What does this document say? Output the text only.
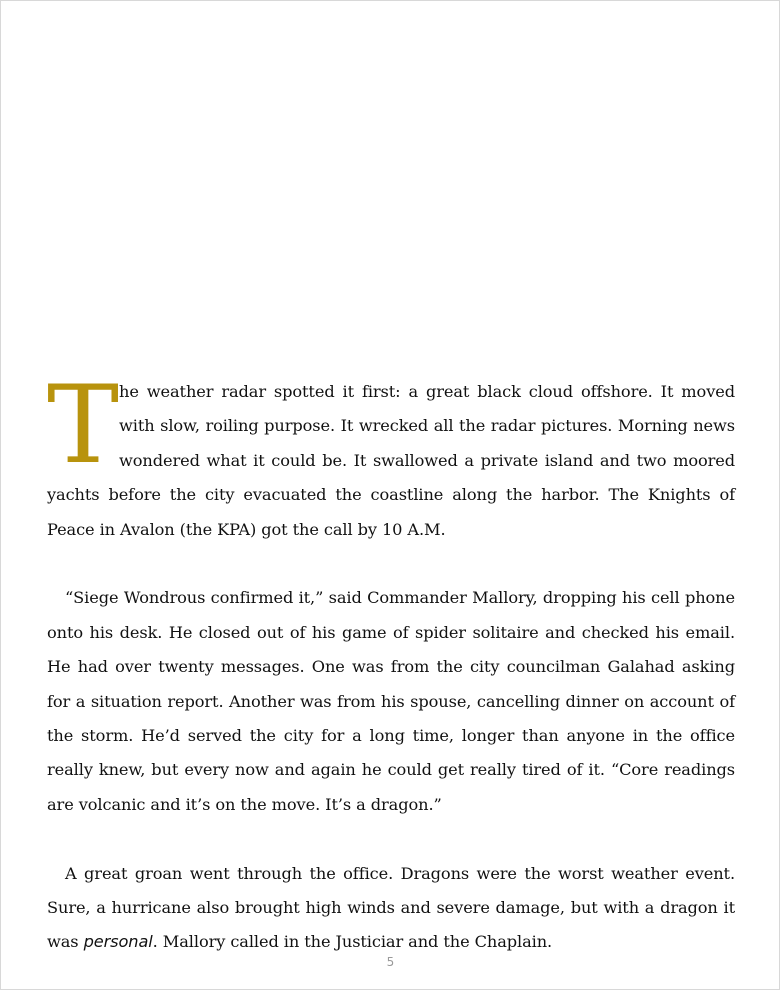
The weather radar spotted it first: a great black cloud offshore. It moved with slow, roiling purpose. It wrecked all the radar pictures. Morning news wondered what it could be. It swallowed a private island and two moored yachts before the city evacuated the coastline along the harbor. The Knights of Peace in Avalon (the KPA) got the call by 10 A.M.

“Siege Wondrous confirmed it,” said Commander Mallory, dropping his cell phone onto his desk. He closed out of his game of spider solitaire and checked his email. He had over twenty messages. One was from the city councilman Galahad asking for a situation report. Another was from his spouse, cancelling dinner on account of the storm. He’d served the city for a long time, longer than anyone in the office really knew, but every now and again he could get really tired of it. “Core readings are volcanic and it’s on the move. It’s a dragon.”

A great groan went through the office. Dragons were the worst weather event. Sure, a hurricane also brought high winds and severe damage, but with a dragon it was personal. Mallory called in the Justiciar and the Chaplain.

5
